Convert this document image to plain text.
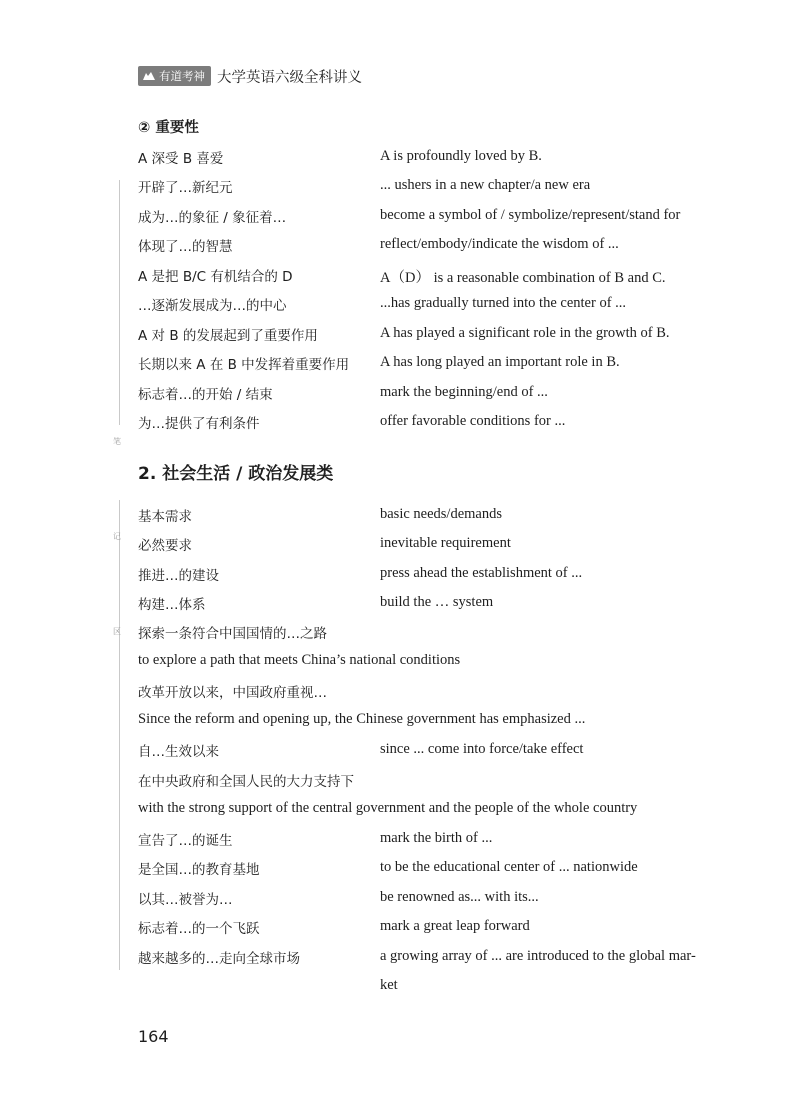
有道考神 大学英语六级全科讲义
笔
记
区
② 重要性
A 深受 B 喜爱	A is profoundly loved by B.
开辟了…新纪元	... ushers in a new chapter/a new era
成为…的象征 / 象征着…	become a symbol of / symbolize/represent/stand for
体现了…的智慧	reflect/embody/indicate the wisdom of ...
A 是把 B/C 有机结合的 D	A（D） is a reasonable combination of B and C.
…逐渐发展成为…的中心	...has gradually turned into the center of ...
A 对 B 的发展起到了重要作用	A has played a significant role in the growth of B.
长期以来 A 在 B 中发挥着重要作用 A has long played an important role in B.
标志着…的开始 / 结束	mark the beginning/end of ...
为…提供了有利条件	offer favorable conditions for ...
2. 社会生活 / 政治发展类
基本需求	basic needs/demands
必然要求	inevitable requirement
推进…的建设	press ahead the establishment of ...
构建…体系	build the … system
探索一条符合中国国情的…之路
to explore a path that meets China’s national conditions
改革开放以来，中国政府重视…
Since the reform and opening up, the Chinese government has emphasized ...
自…生效以来	since ... come into force/take effect
在中央政府和全国人民的大力支持下
with the strong support of the central government and the people of the whole country
宣告了…的诞生	mark the birth of ...
是全国…的教育基地	to be the educational center of ... nationwide
以其…被誉为…	be renowned as... with its...
标志着…的一个飞跃	mark a great leap forward
越来越多的…走向全球市场	a growing array of ... are introduced to the global mar-
ket
164
